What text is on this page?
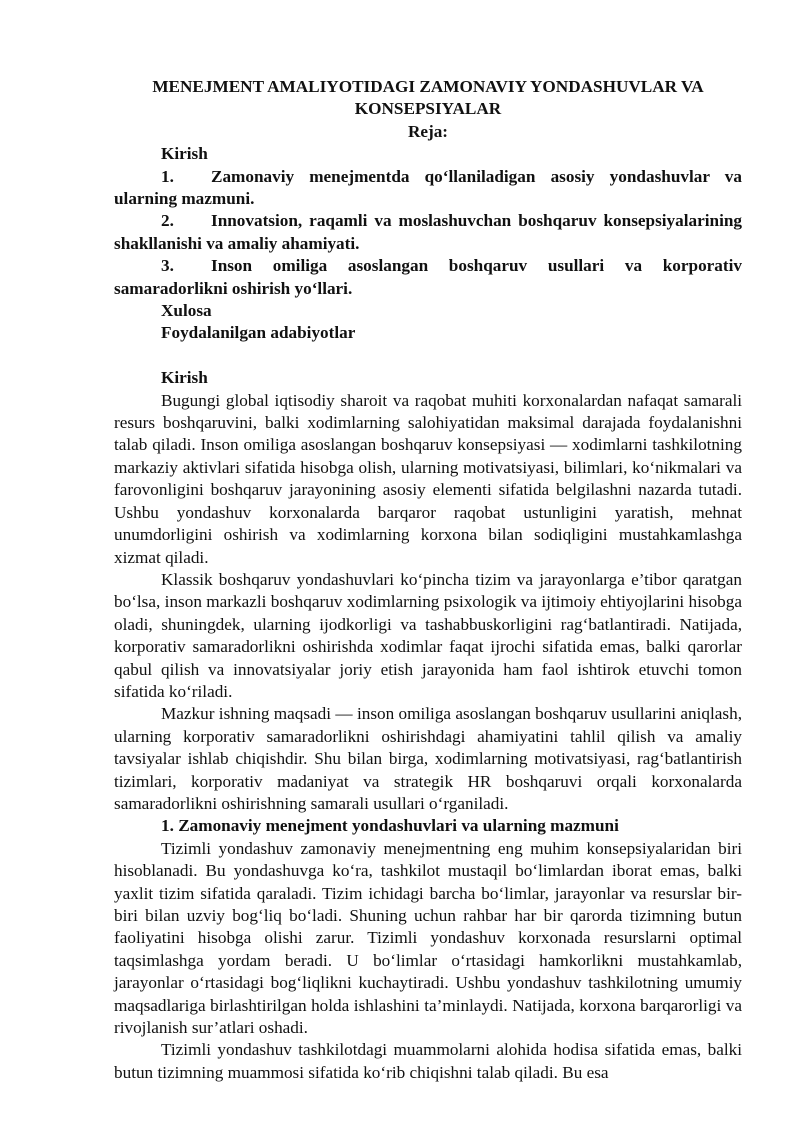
MENEJMENT AMALIYOTIDAGI ZAMONAVIY YONDASHUVLAR VA
KONSEPSIYALAR

Reja:

Kirish

1. Zamonaviy menejmentda qo‘llaniladigan asosiy yondashuvlar va ularning mazmuni.

2. Innovatsion, raqamli va moslashuvchan boshqaruv konsepsiyalarining shakllanishi va amaliy ahamiyati.

3. Inson omiliga asoslangan boshqaruv usullari va korporativ samaradorlikni oshirish yo‘llari.

Xulosa

Foydalanilgan adabiyotlar

Kirish

Bugungi global iqtisodiy sharoit va raqobat muhiti korxonalardan nafaqat samarali resurs boshqaruvini, balki xodimlarning salohiyatidan maksimal darajada foydalanishni talab qiladi. Inson omiliga asoslangan boshqaruv konsepsiyasi — xodimlarni tashkilotning markaziy aktivlari sifatida hisobga olish, ularning motivatsiyasi, bilimlari, ko‘nikmalari va farovonligini boshqaruv jarayonining asosiy elementi sifatida belgilashni nazarda tutadi. Ushbu yondashuv korxonalarda barqaror raqobat ustunligini yaratish, mehnat unumdorligini oshirish va xodimlarning korxona bilan sodiqligini mustahkamlashga xizmat qiladi.

Klassik boshqaruv yondashuvlari ko‘pincha tizim va jarayonlarga e’tibor qaratgan bo‘lsa, inson markazli boshqaruv xodimlarning psixologik va ijtimoiy ehtiyojlarini hisobga oladi, shuningdek, ularning ijodkorligi va tashabbuskorligini rag‘batlantiradi. Natijada, korporativ samaradorlikni oshirishda xodimlar faqat ijrochi sifatida emas, balki qarorlar qabul qilish va innovatsiyalar joriy etish jarayonida ham faol ishtirok etuvchi tomon sifatida ko‘riladi.

Mazkur ishning maqsadi — inson omiliga asoslangan boshqaruv usullarini aniqlash, ularning korporativ samaradorlikni oshirishdagi ahamiyatini tahlil qilish va amaliy tavsiyalar ishlab chiqishdir. Shu bilan birga, xodimlarning motivatsiyasi, rag‘batlantirish tizimlari, korporativ madaniyat va strategik HR boshqaruvi orqali korxonalarda samaradorlikni oshirishning samarali usullari o‘rganiladi.

1. Zamonaviy menejment yondashuvlari va ularning mazmuni

Tizimli yondashuv zamonaviy menejmentning eng muhim konsepsiyalaridan biri hisoblanadi. Bu yondashuvga ko‘ra, tashkilot mustaqil bo‘limlardan iborat emas, balki yaxlit tizim sifatida qaraladi. Tizim ichidagi barcha bo‘limlar, jarayonlar va resurslar bir-biri bilan uzviy bog‘liq bo‘ladi. Shuning uchun rahbar har bir qarorda tizimning butun faoliyatini hisobga olishi zarur. Tizimli yondashuv korxonada resurslarni optimal taqsimlashga yordam beradi. U bo‘limlar o‘rtasidagi hamkorlikni mustahkamlab, jarayonlar o‘rtasidagi bog‘liqlikni kuchaytiradi. Ushbu yondashuv tashkilotning umumiy maqsadlariga birlashtirilgan holda ishlashini ta’minlaydi. Natijada, korxona barqarorligi va rivojlanish sur’atlari oshadi.

Tizimli yondashuv tashkilotdagi muammolarni alohida hodisa sifatida emas, balki butun tizimning muammosi sifatida ko‘rib chiqishni talab qiladi. Bu esa
